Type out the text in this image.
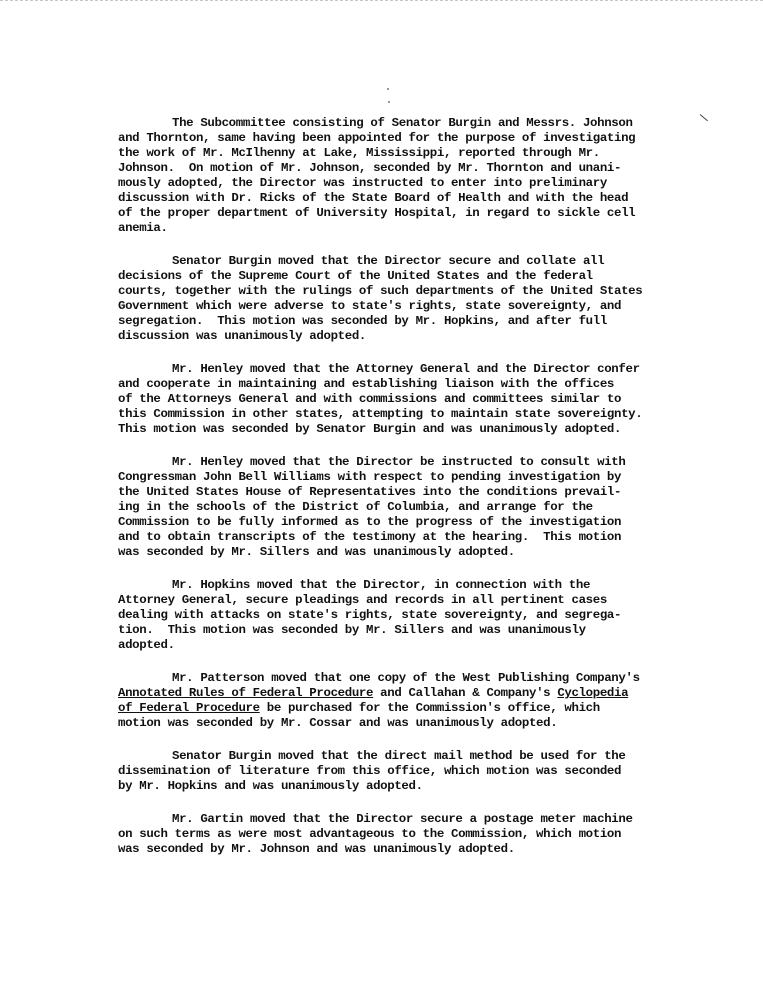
The Subcommittee consisting of Senator Burgin and Messrs. Johnson
and Thornton, same having been appointed for the purpose of investigating
the work of Mr. McIlhenny at Lake, Mississippi, reported through Mr.
Johnson.  On motion of Mr. Johnson, seconded by Mr. Thornton and unani-
mously adopted, the Director was instructed to enter into preliminary
discussion with Dr. Ricks of the State Board of Health and with the head
of the proper department of University Hospital, in regard to sickle cell
anemia.
Senator Burgin moved that the Director secure and collate all
decisions of the Supreme Court of the United States and the federal
courts, together with the rulings of such departments of the United States
Government which were adverse to state's rights, state sovereignty, and
segregation.  This motion was seconded by Mr. Hopkins, and after full
discussion was unanimously adopted.
Mr. Henley moved that the Attorney General and the Director confer
and cooperate in maintaining and establishing liaison with the offices
of the Attorneys General and with commissions and committees similar to
this Commission in other states, attempting to maintain state sovereignty.
This motion was seconded by Senator Burgin and was unanimously adopted.
Mr. Henley moved that the Director be instructed to consult with
Congressman John Bell Williams with respect to pending investigation by
the United States House of Representatives into the conditions prevail-
ing in the schools of the District of Columbia, and arrange for the
Commission to be fully informed as to the progress of the investigation
and to obtain transcripts of the testimony at the hearing.  This motion
was seconded by Mr. Sillers and was unanimously adopted.
Mr. Hopkins moved that the Director, in connection with the
Attorney General, secure pleadings and records in all pertinent cases
dealing with attacks on state's rights, state sovereignty, and segrega-
tion.  This motion was seconded by Mr. Sillers and was unanimously
adopted.
Mr. Patterson moved that one copy of the West Publishing Company's
Annotated Rules of Federal Procedure and Callahan & Company's Cyclopedia
of Federal Procedure be purchased for the Commission's office, which
motion was seconded by Mr. Cossar and was unanimously adopted.
Senator Burgin moved that the direct mail method be used for the
dissemination of literature from this office, which motion was seconded
by Mr. Hopkins and was unanimously adopted.
Mr. Gartin moved that the Director secure a postage meter machine
on such terms as were most advantageous to the Commission, which motion
was seconded by Mr. Johnson and was unanimously adopted.
